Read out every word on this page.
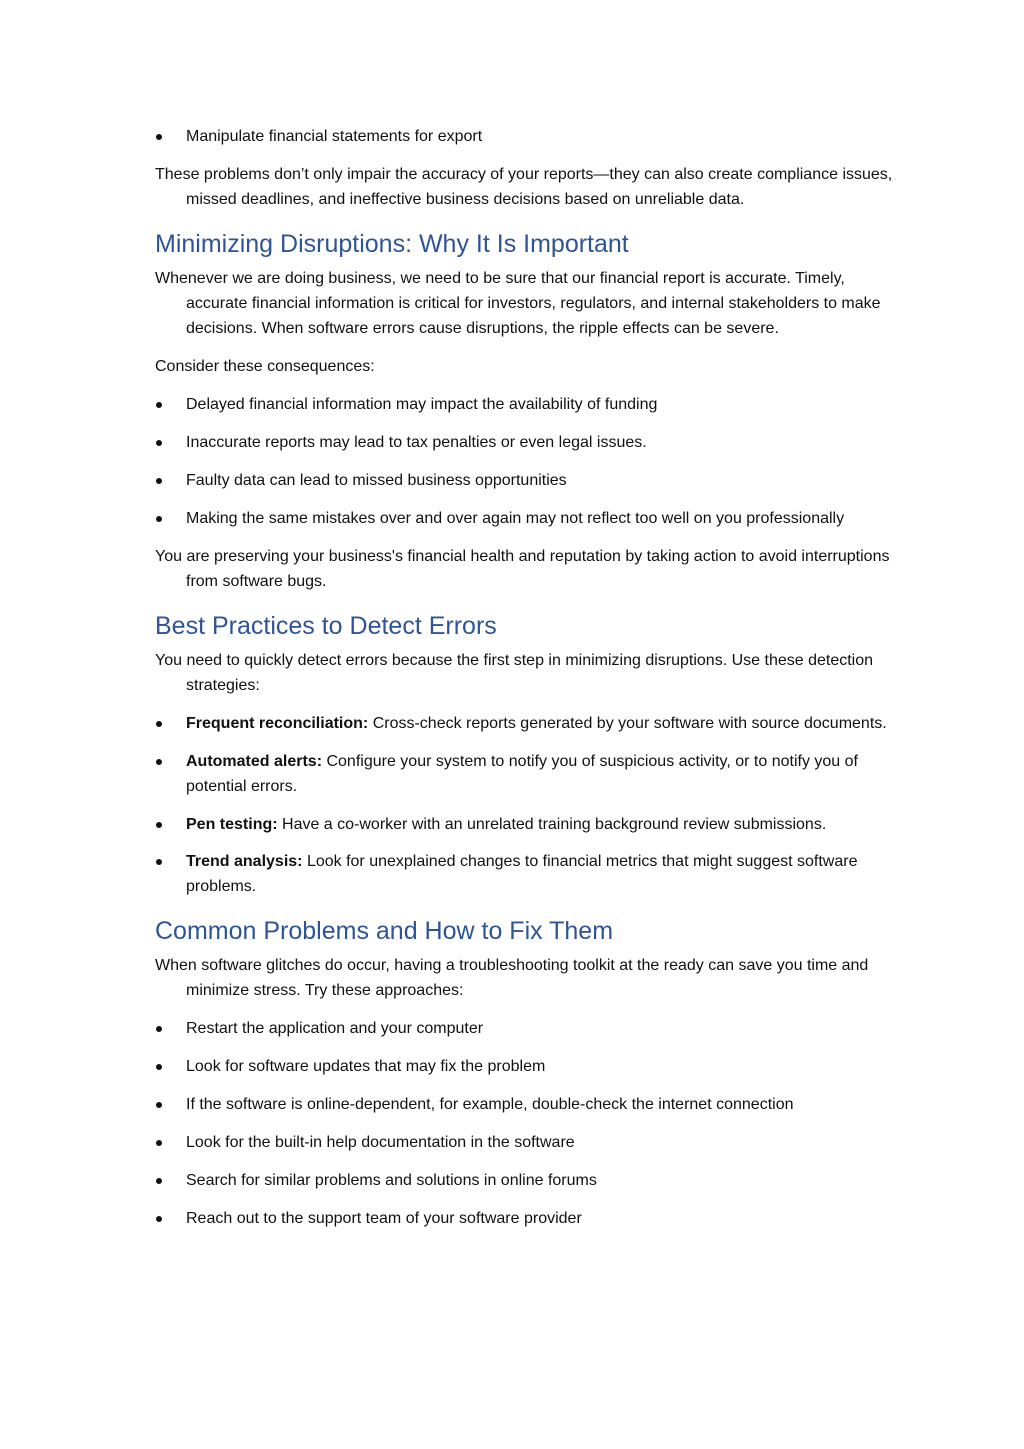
Manipulate financial statements for export

These problems don’t only impair the accuracy of your reports—they can also create compliance issues, missed deadlines, and ineffective business decisions based on unreliable data.

Minimizing Disruptions: Why It Is Important

Whenever we are doing business, we need to be sure that our financial report is accurate. Timely, accurate financial information is critical for investors, regulators, and internal stakeholders to make decisions. When software errors cause disruptions, the ripple effects can be severe.

Consider these consequences:

Delayed financial information may impact the availability of funding
Inaccurate reports may lead to tax penalties or even legal issues.
Faulty data can lead to missed business opportunities
Making the same mistakes over and over again may not reflect too well on you professionally

You are preserving your business's financial health and reputation by taking action to avoid interruptions from software bugs.

Best Practices to Detect Errors

You need to quickly detect errors because the first step in minimizing disruptions. Use these detection strategies:

Frequent reconciliation: Cross-check reports generated by your software with source documents.
Automated alerts: Configure your system to notify you of suspicious activity, or to notify you of potential errors.
Pen testing: Have a co-worker with an unrelated training background review submissions.
Trend analysis: Look for unexplained changes to financial metrics that might suggest software problems.
Common Problems and How to Fix Them

When software glitches do occur, having a troubleshooting toolkit at the ready can save you time and minimize stress. Try these approaches:

Restart the application and your computer
Look for software updates that may fix the problem
If the software is online-dependent, for example, double-check the internet connection
Look for the built-in help documentation in the software
Search for similar problems and solutions in online forums
Reach out to the support team of your software provider
